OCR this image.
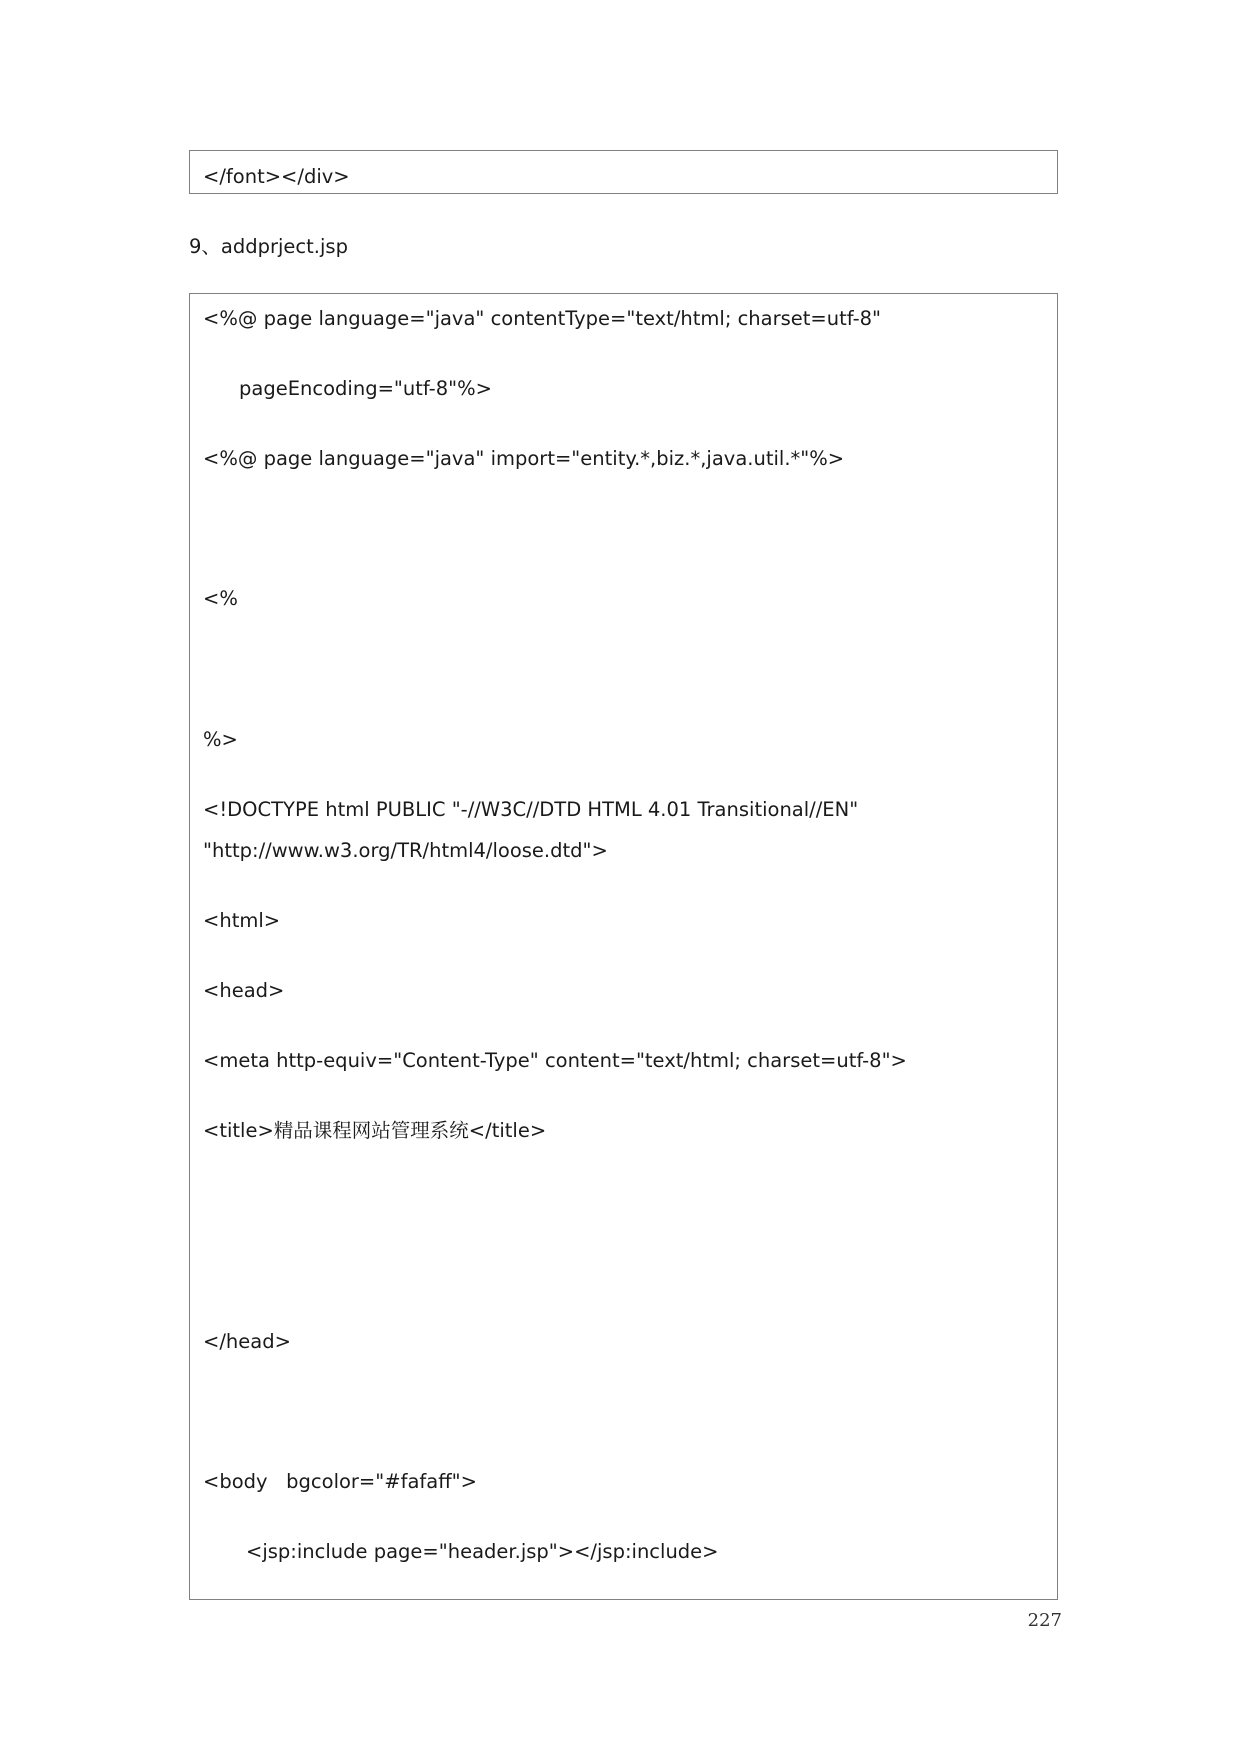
</font></div>
9、addprject.jsp
<%@ page language="java" contentType="text/html; charset=utf-8"
pageEncoding="utf-8"%>
<%@ page language="java" import="entity.*,biz.*,java.util.*"%>
<%
%>
<!DOCTYPE html PUBLIC "-//W3C//DTD HTML 4.01 Transitional//EN"
"http://www.w3.org/TR/html4/loose.dtd">
<html>
<head>
<meta http-equiv="Content-Type" content="text/html; charset=utf-8">
<title>精品课程网站管理系统</title>
</head>
<body   bgcolor="#fafaff">
<jsp:include page="header.jsp"></jsp:include>
227
